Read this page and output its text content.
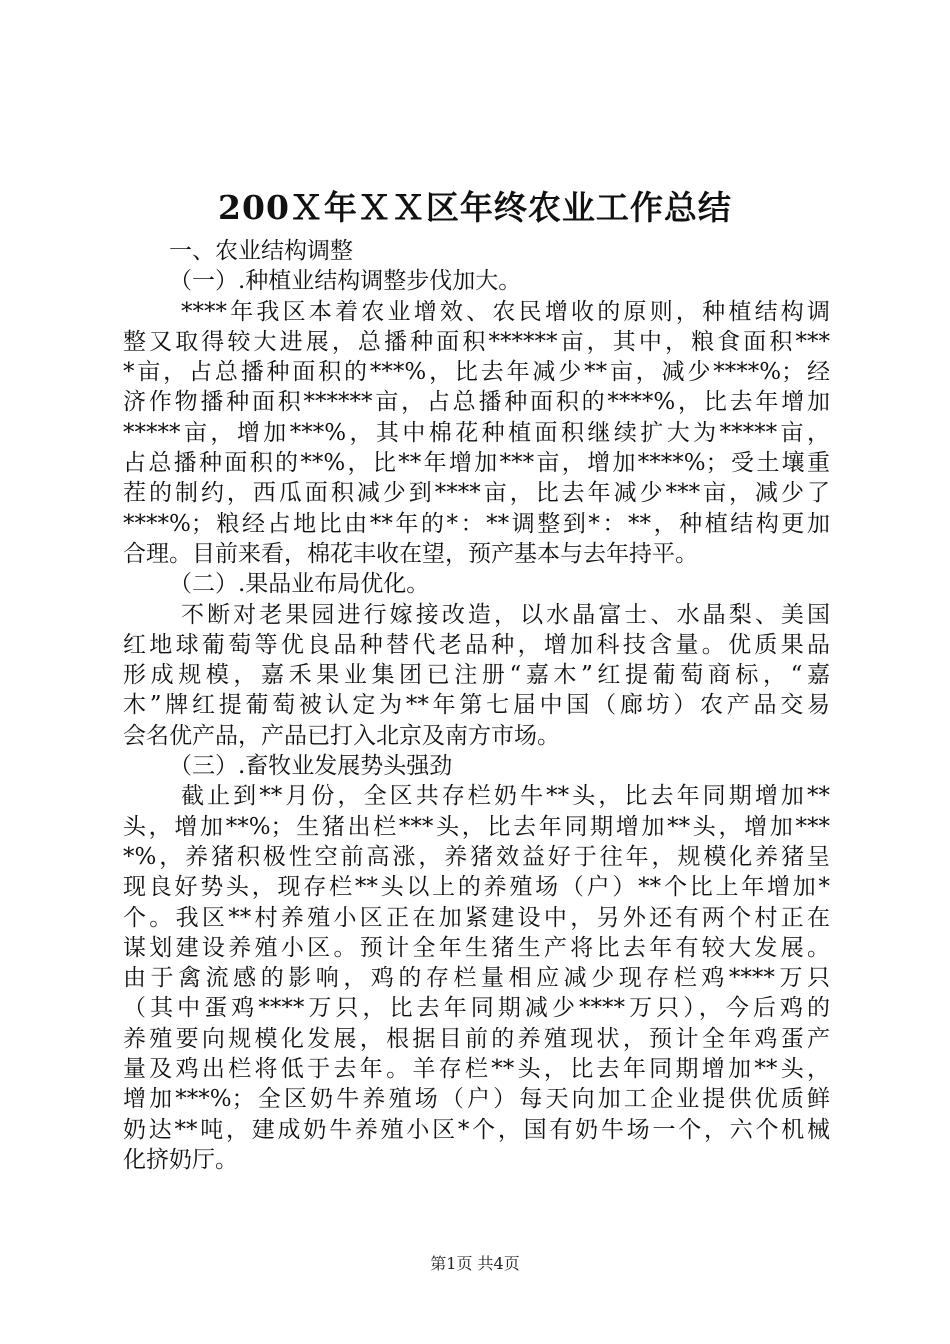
200Ｘ年ＸＸ区年终农业工作总结
一、农业结构调整
（一）.种植业结构调整步伐加大。
****年我区本着农业增效、农民增收的原则，种植结构调
整又取得较大进展，总播种面积******亩，其中，粮食面积***
*亩，占总播种面积的***%，比去年减少**亩，减少****%；经
济作物播种面积******亩，占总播种面积的****%，比去年增加
*****亩，增加***%，其中棉花种植面积继续扩大为*****亩，
占总播种面积的**%，比**年增加***亩，增加****%；受土壤重
茬的制约，西瓜面积减少到****亩，比去年减少***亩，减少了
****%；粮经占地比由**年的*：**调整到*：**，种植结构更加
合理。目前来看，棉花丰收在望，预产基本与去年持平。
（二）.果品业布局优化。
不断对老果园进行嫁接改造，以水晶富士、水晶梨、美国
红地球葡萄等优良品种替代老品种，增加科技含量。优质果品
形成规模，嘉禾果业集团已注册“嘉木”红提葡萄商标，“嘉
木”牌红提葡萄被认定为**年第七届中国（廊坊）农产品交易
会名优产品，产品已打入北京及南方市场。
（三）.畜牧业发展势头强劲
截止到**月份，全区共存栏奶牛**头，比去年同期增加**
头，增加**%；生猪出栏***头，比去年同期增加**头，增加***
*%，养猪积极性空前高涨，养猪效益好于往年，规模化养猪呈
现良好势头，现存栏**头以上的养殖场（户）**个比上年增加*
个。我区**村养殖小区正在加紧建设中，另外还有两个村正在
谋划建设养殖小区。预计全年生猪生产将比去年有较大发展。
由于禽流感的影响，鸡的存栏量相应减少现存栏鸡****万只
（其中蛋鸡****万只，比去年同期减少****万只），今后鸡的
养殖要向规模化发展，根据目前的养殖现状，预计全年鸡蛋产
量及鸡出栏将低于去年。羊存栏**头，比去年同期增加**头，
增加***%；全区奶牛养殖场（户）每天向加工企业提供优质鲜
奶达**吨，建成奶牛养殖小区*个，国有奶牛场一个，六个机械
化挤奶厅。
第1页 共4页
